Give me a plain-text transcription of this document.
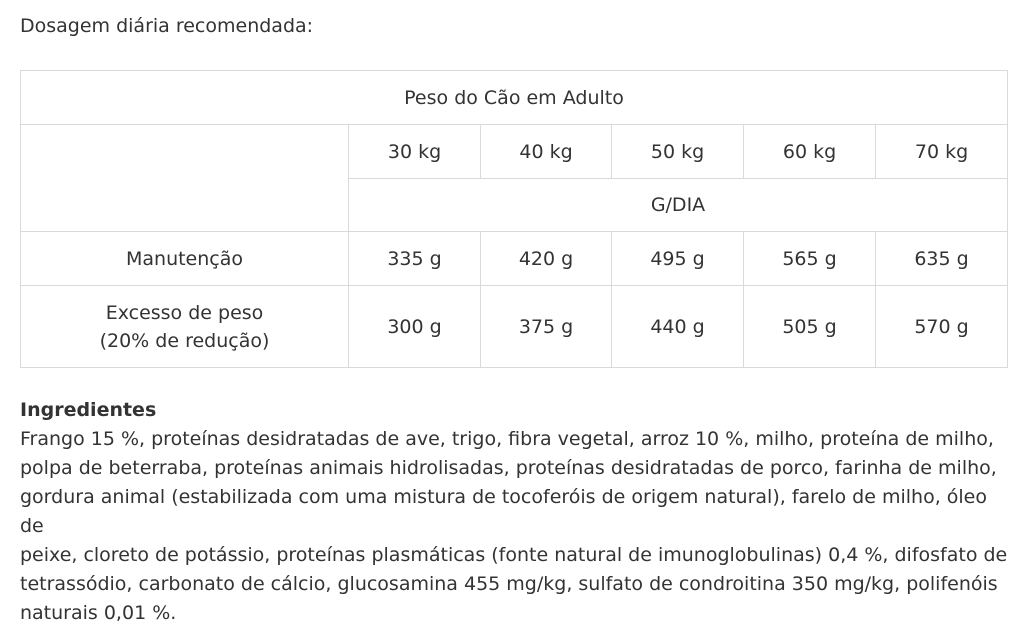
Dosagem diária recomendada:
Peso do Cão em Adulto					
	30 kg	40 kg	50 kg	60 kg	70 kg
	G/DIA				
Manutenção	335 g	420 g	495 g	565 g	635 g
Excesso de peso
(20% de redução)	300 g	375 g	440 g	505 g	570 g
Ingredientes
Frango 15 %, proteínas desidratadas de ave, trigo, fibra vegetal, arroz 10 %, milho, proteína de milho,
polpa de beterraba, proteínas animais hidrolisadas, proteínas desidratadas de porco, farinha de milho,
gordura animal (estabilizada com uma mistura de tocoferóis de origem natural), farelo de milho, óleo de
peixe, cloreto de potássio, proteínas plasmáticas (fonte natural de imunoglobulinas) 0,4 %, difosfato de
tetrassódio, carbonato de cálcio, glucosamina 455 mg/kg, sulfato de condroitina 350 mg/kg, polifenóis
naturais 0,01 %.
